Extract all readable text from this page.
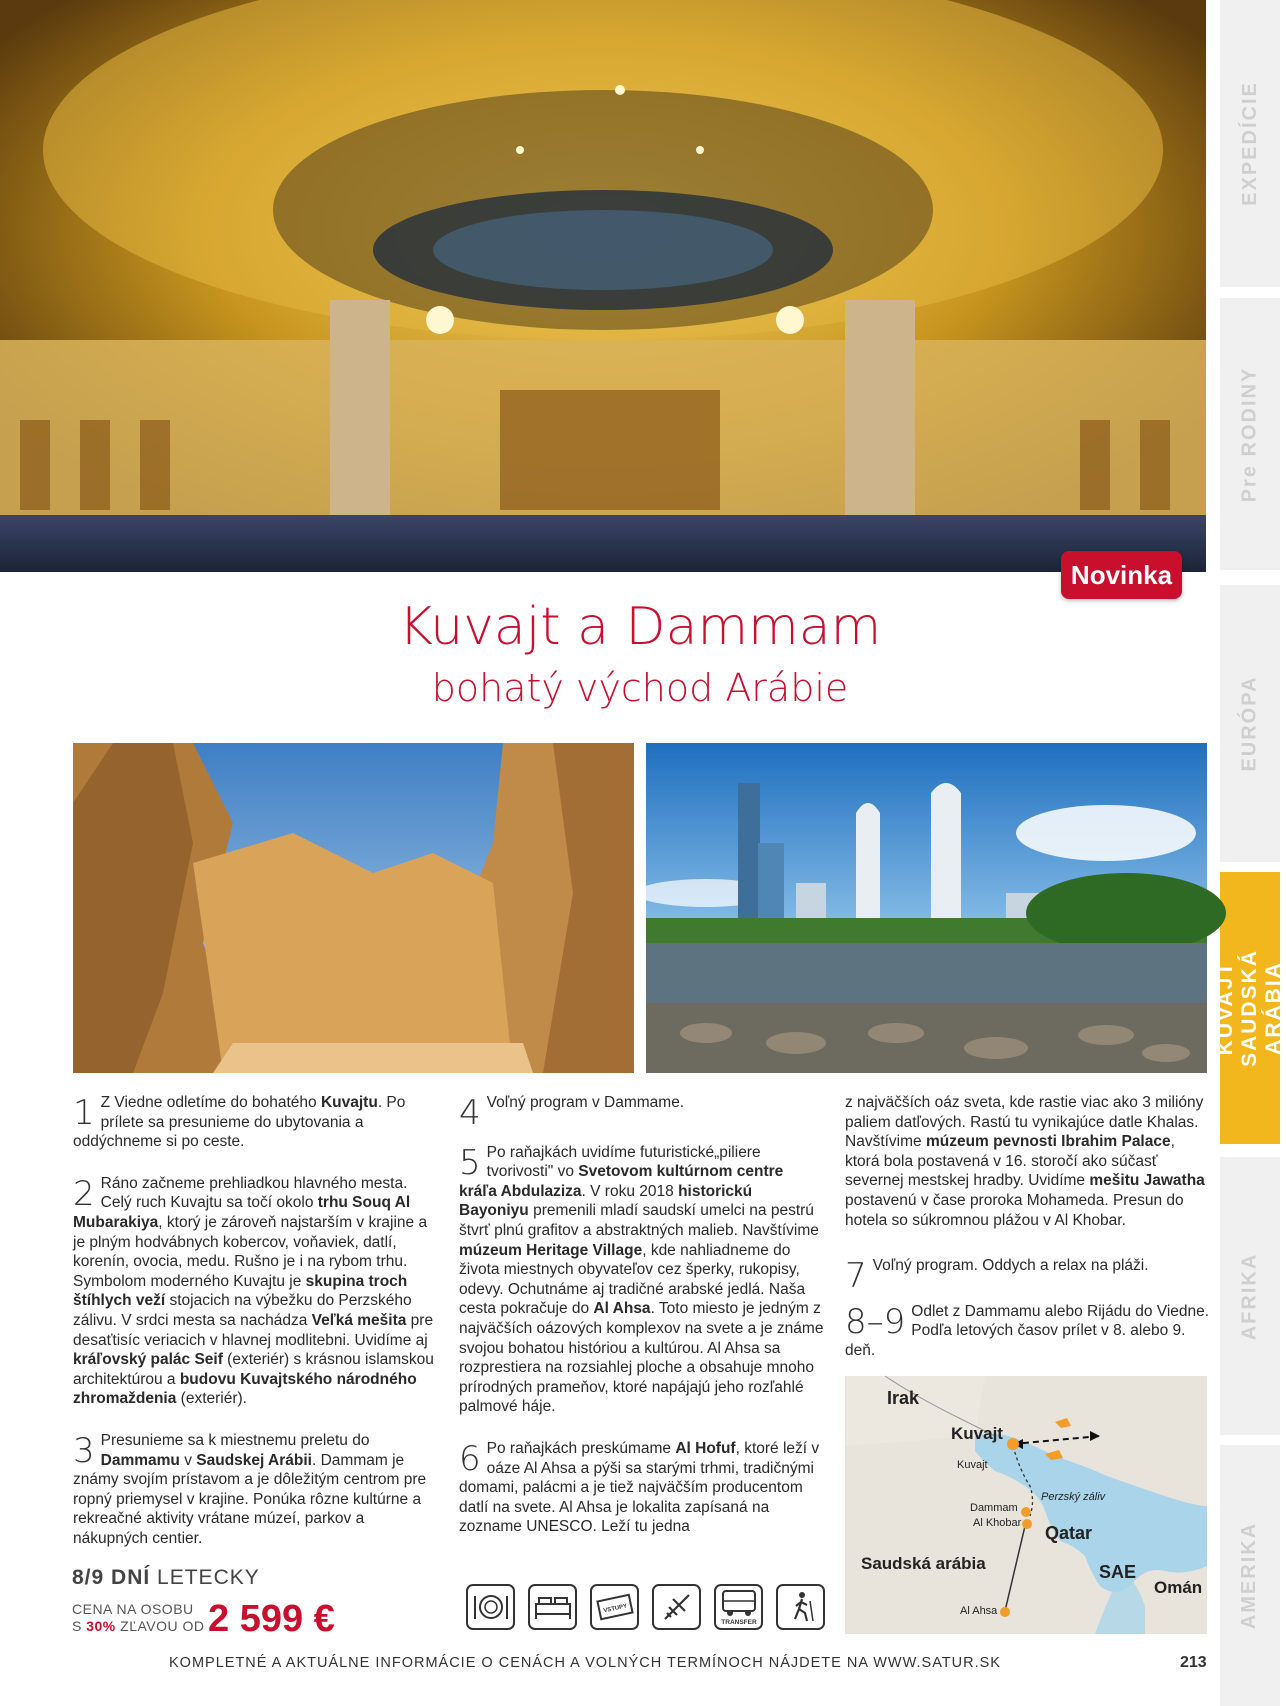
Novinka
EXPEDÍCIE
Pre RODINY
EURÓPA
KUVAJT SAUDSKÁ ARÁBIA
AFRIKA
AMERIKA
Kuvajt a Dammam
bohatý východ Arábie
1 Z Viedne odletíme do bohatého Kuvajtu. Po prílete sa presunieme do ubytovania a oddýchneme si po ceste.
2 Ráno začneme prehliadkou hlavného mesta. Celý ruch Kuvajtu sa točí okolo trhu Souq Al Mubarakiya, ktorý je zároveň najstarším v krajine a je plným hodvábnych kobercov, voňaviek, datlí, korenín, ovocia, medu. Rušno je i na rybom trhu. Symbolom moderného Kuvajtu je skupina troch štíhlych veží stojacich na výbežku do Perzského zálivu. V srdci mesta sa nachádza Veľká mešita pre desaťtisíc veriacich v hlavnej modlitebni. Uvidíme aj kráľovský palác Seif (exteriér) s krásnou islamskou architektúrou a budovu Kuvajtského národného zhromaždenia (exteriér).
3 Presunieme sa k miestnemu preletu do Dammamu v Saudskej Arábii. Dammam je známy svojím prístavom a je dôležitým centrom pre ropný priemysel v krajine. Ponúka rôzne kultúrne a rekreačné aktivity vrátane múzeí, parkov a nákupných centier.
4 Voľný program v Dammame.
5 Po raňajkách uvidíme futuristické„piliere tvorivosti" vo Svetovom kultúrnom centre kráľa Abdulaziza. V roku 2018 historickú Bayoniyu premenili mladí saudskí umelci na pestrú štvrť plnú grafitov a abstraktných malieb. Navštívime múzeum Heritage Village, kde nahliadneme do života miestnych obyvateľov cez šperky, rukopisy, odevy. Ochutnáme aj tradičné arabské jedlá. Naša cesta pokračuje do Al Ahsa. Toto miesto je jedným z najväčších oázových komplexov na svete a je známe svojou bohatou históriou a kultúrou. Al Ahsa sa rozprestiera na rozsiahlej ploche a obsahuje mnoho prírodných prameňov, ktoré napájajú jeho rozľahlé palmové háje.
6 Po raňajkách preskúmame Al Hofuf, ktoré leží v oáze Al Ahsa a pýši sa starými trhmi, tradičnými domami, palácmi a je tiež najväčším producentom datlí na svete. Al Ahsa je lokalita zapísaná na zozname UNESCO. Leží tu jedna
z najväčších oáz sveta, kde rastie viac ako 3 milióny paliem datľových. Rastú tu vynikajúce datle Khalas. Navštívime múzeum pevnosti Ibrahim Palace, ktorá bola postavená v 16. storočí ako súčasť severnej mestskej hradby. Uvidíme mešitu Jawatha postavenú v čase proroka Mohameda. Presun do hotela so súkromnou plážou v Al Khobar.
7 Voľný program. Oddych a relax na pláži.
8–9 Odlet z Dammamu alebo Rijádu do Viedne. Podľa letových časov prílet v 8. alebo 9. deň.
8/9 DNÍ LETECKY
CENA NA OSOBU
S 30% ZĽAVOU OD 2 599 €	VSTUPY
TRANSFER
Irak
Kuvajt
Kuvajt
Perzský záliv
Dammam
Al Khobar Qatar
Saudská arábia	SAE
Omán
Al Ahsa
KOMPLETNÉ A AKTUÁLNE INFORMÁCIE O CENÁCH A VOLNÝCH TERMÍNOCH NÁJDETE NA WWW.SATUR.SK	213
